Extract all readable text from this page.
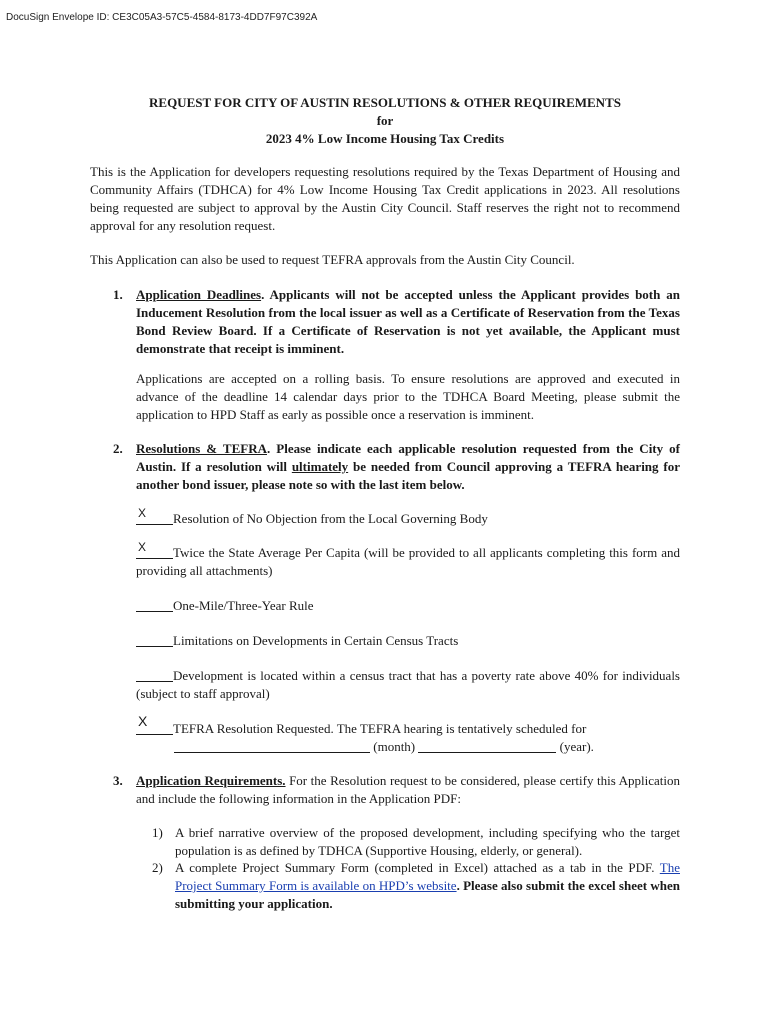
DocuSign Envelope ID: CE3C05A3-57C5-4584-8173-4DD7F97C392A
REQUEST FOR CITY OF AUSTIN RESOLUTIONS & OTHER REQUIREMENTS
for
2023 4% Low Income Housing Tax Credits
This is the Application for developers requesting resolutions required by the Texas Department of Housing and Community Affairs (TDHCA) for 4% Low Income Housing Tax Credit applications in 2023. All resolutions being requested are subject to approval by the Austin City Council. Staff reserves the right not to recommend approval for any resolution request.
This Application can also be used to request TEFRA approvals from the Austin City Council.
1. Application Deadlines. Applicants will not be accepted unless the Applicant provides both an Inducement Resolution from the local issuer as well as a Certificate of Reservation from the Texas Bond Review Board. If a Certificate of Reservation is not yet available, the Applicant must demonstrate that receipt is imminent.
Applications are accepted on a rolling basis. To ensure resolutions are approved and executed in advance of the deadline 14 calendar days prior to the TDHCA Board Meeting, please submit the application to HPD Staff as early as possible once a reservation is imminent.
2. Resolutions & TEFRA. Please indicate each applicable resolution requested from the City of Austin. If a resolution will ultimately be needed from Council approving a TEFRA hearing for another bond issuer, please note so with the last item below.
X Resolution of No Objection from the Local Governing Body
X Twice the State Average Per Capita (will be provided to all applicants completing this form and providing all attachments)
One-Mile/Three-Year Rule
Limitations on Developments in Certain Census Tracts
Development is located within a census tract that has a poverty rate above 40% for individuals (subject to staff approval)
X TEFRA Resolution Requested. The TEFRA hearing is tentatively scheduled for
(month)	(year).
3. Application Requirements. For the Resolution request to be considered, please certify this Application and include the following information in the Application PDF:
1) A brief narrative overview of the proposed development, including specifying who the target population is as defined by TDHCA (Supportive Housing, elderly, or general).
2) A complete Project Summary Form (completed in Excel) attached as a tab in the PDF. The Project Summary Form is available on HPD’s website. Please also submit the excel sheet when submitting your application.
